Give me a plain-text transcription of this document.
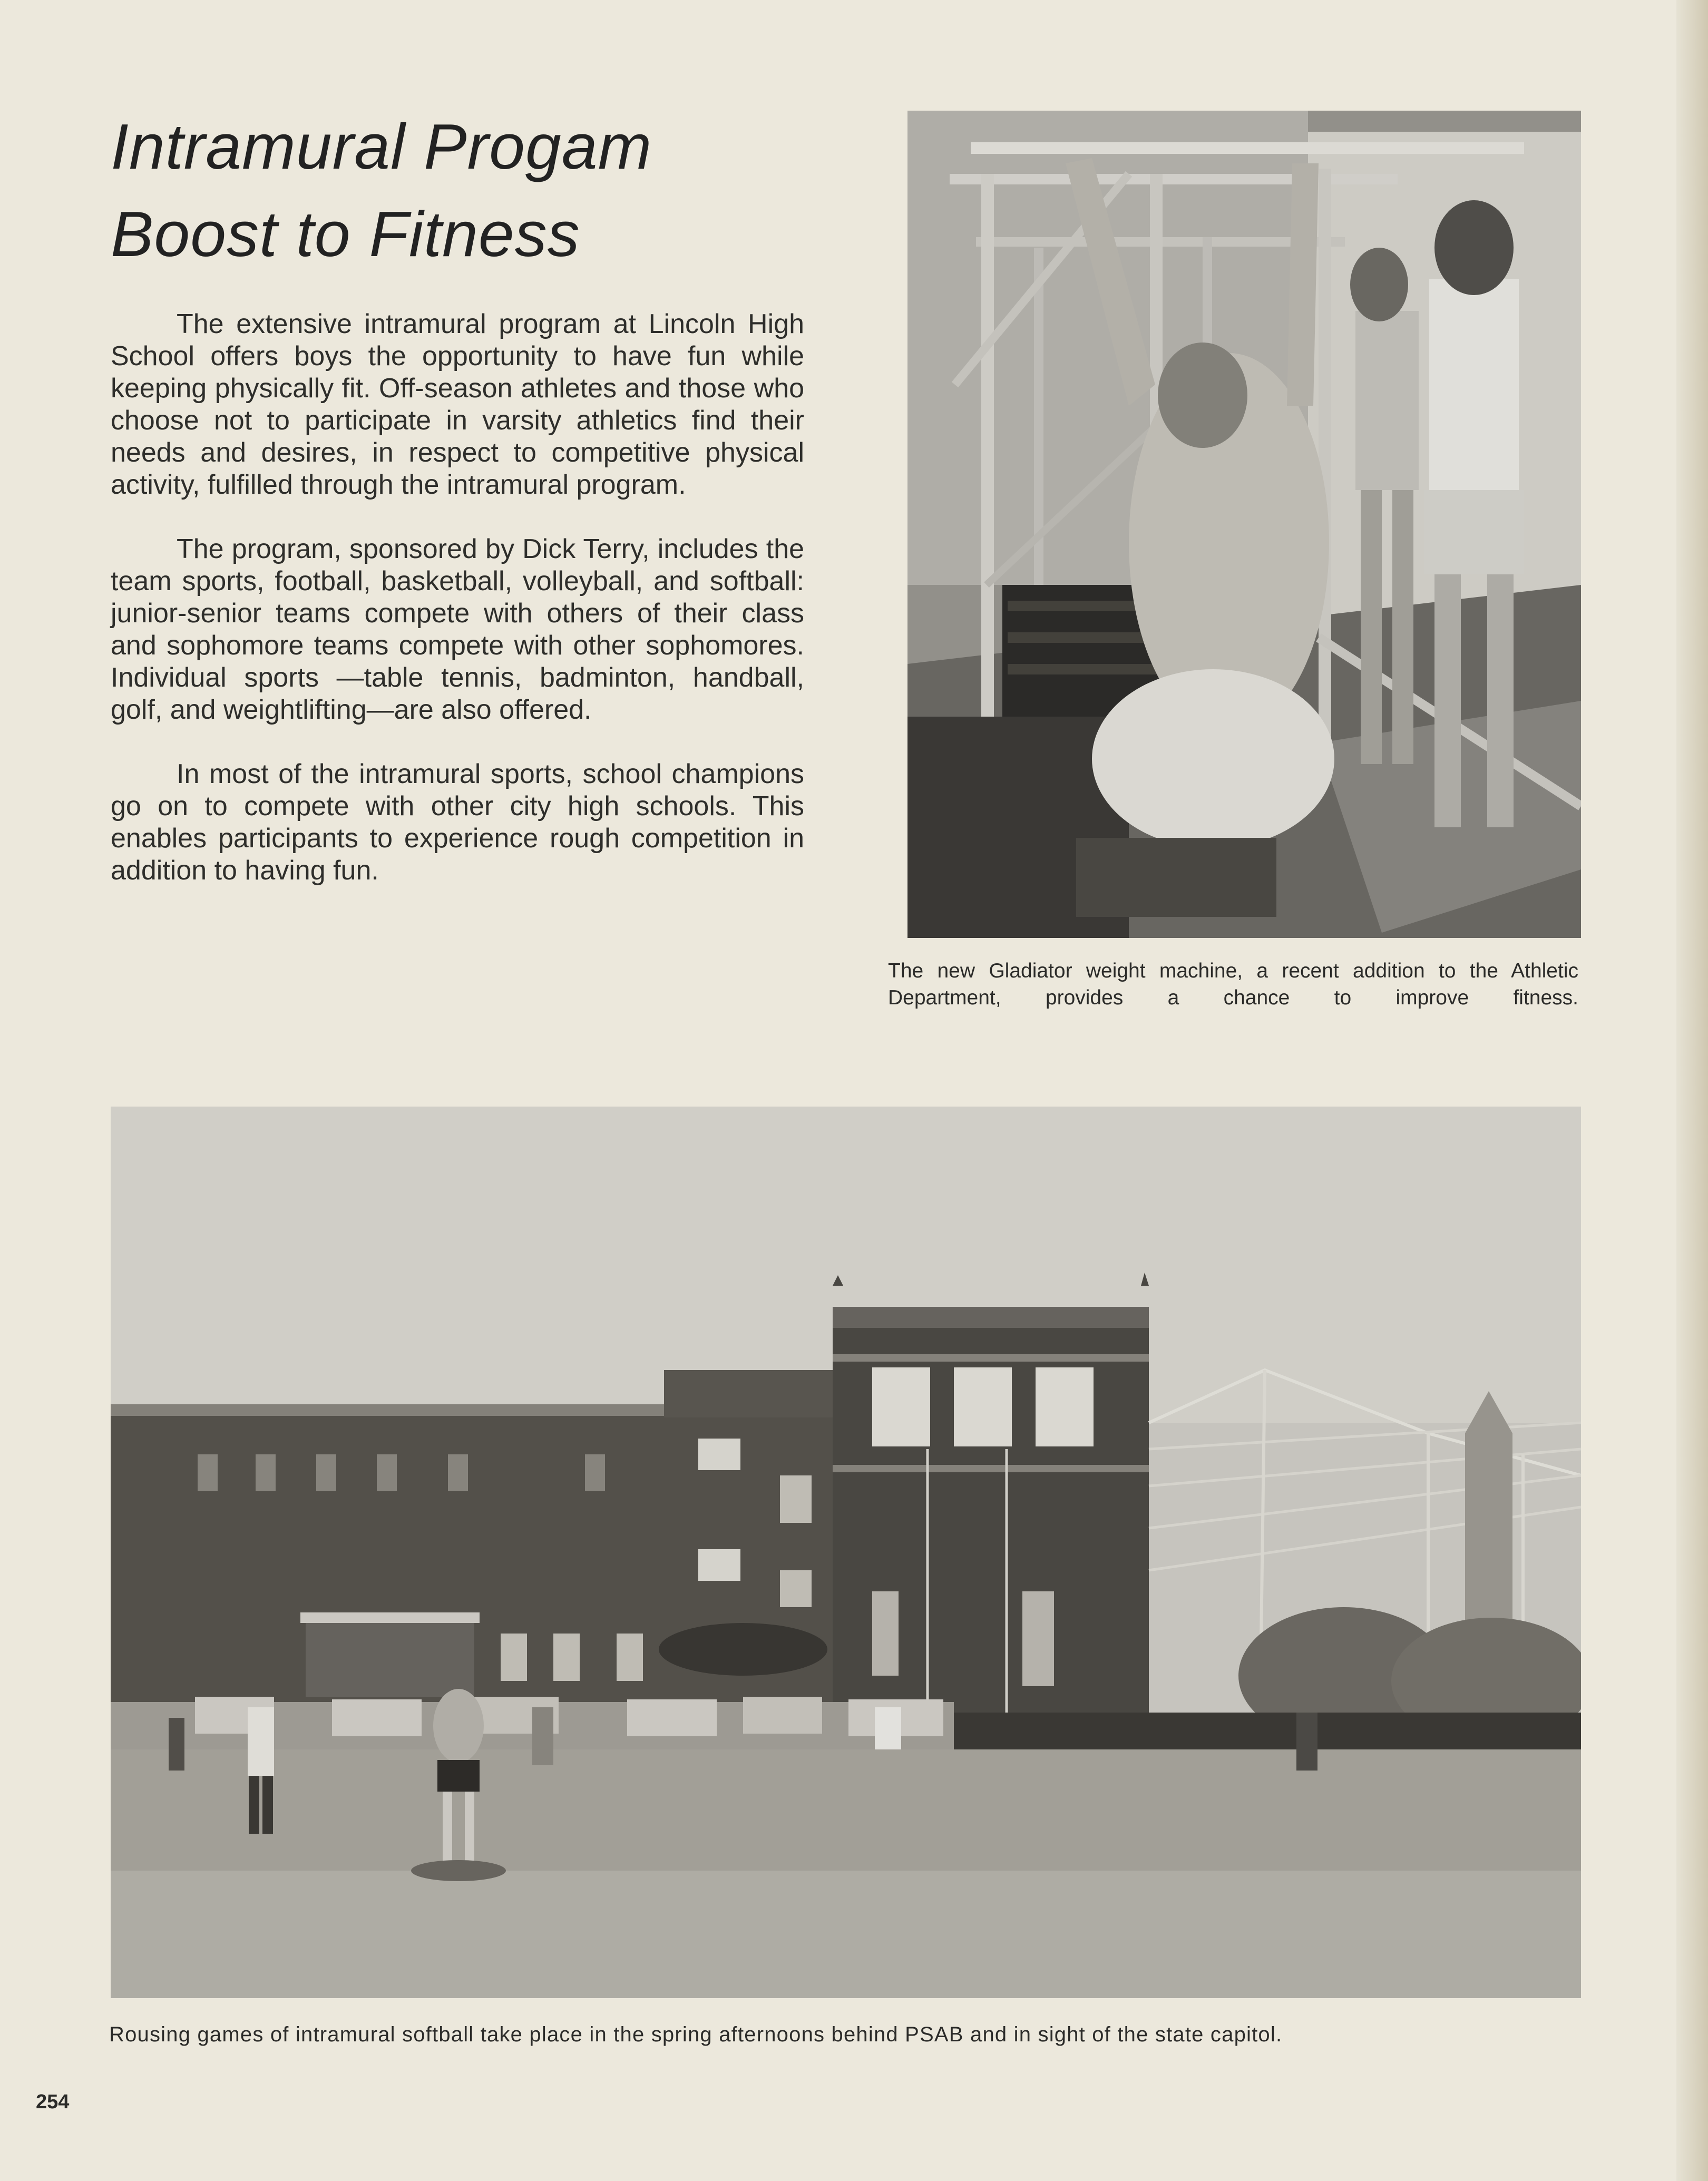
Intramural Progam
Boost to Fitness

The extensive intramural program at Lincoln High School offers boys the opportunity to have fun while keeping physically fit. Off-season athletes and those who choose not to participate in varsity athletics find their needs and desires, in respect to competitive physical activity, fulfilled through the intramural program.

The program, sponsored by Dick Terry, includes the team sports, football, basketball, volleyball, and softball: junior-senior teams compete with others of their class and sophomore teams compete with other sophomores. Individual sports —table tennis, badminton, handball, golf, and weightlifting—are also offered.

In most of the intramural sports, school champions go on to compete with other city high schools. This enables participants to experience rough competition in addition to having fun.

The new Gladiator weight machine, a recent addition to the Athletic Department, provides a chance to improve fitness.
Rousing games of intramural softball take place in the spring afternoons behind PSAB and in sight of the state capitol.
254
